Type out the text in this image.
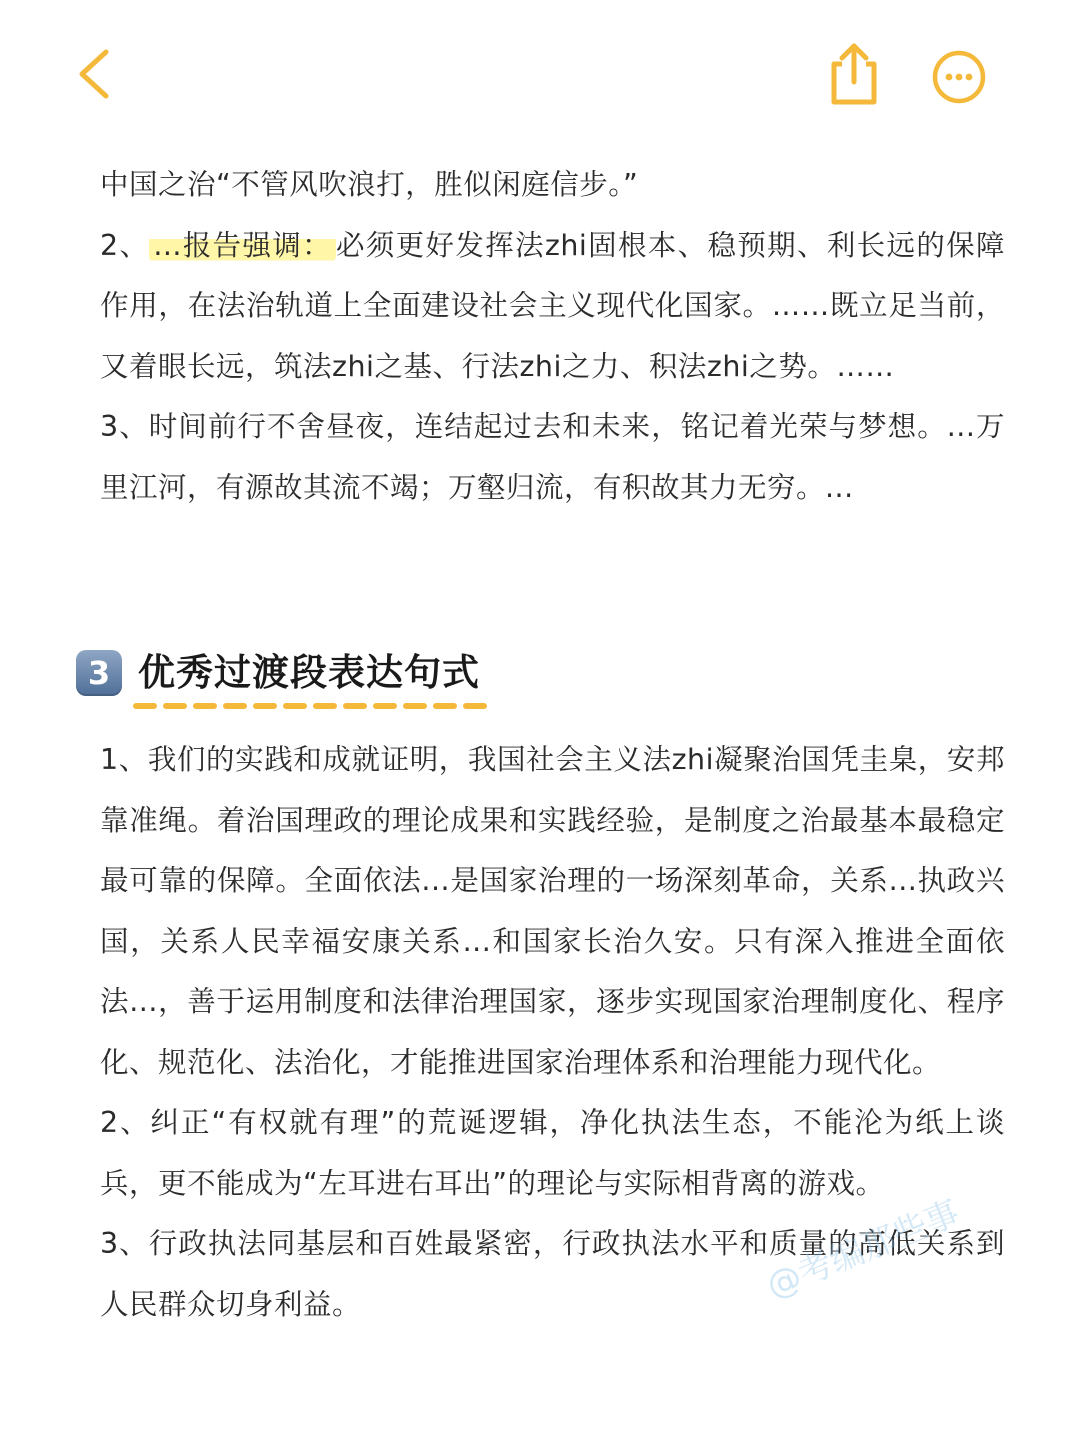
中国之治“不管风吹浪打，胜似闲庭信步。”

2、 ...报告强调： 必须更好发挥法zhi固根本、稳预期、利长远的保障作用，在法治轨道上全面建设社会主义现代化国家。……既立足当前，又着眼长远，筑法zhi之基、行法zhi之力、积法zhi之势。……

3、时间前行不舍昼夜，连结起过去和未来，铭记着光荣与梦想。...万里江河，有源故其流不竭；万壑归流，有积故其力无穷。...

3 优秀过渡段表达句式

1、我们的实践和成就证明，我国社会主义法zhi凝聚治国凭圭臬，安邦靠准绳。着治国理政的理论成果和实践经验，是制度之治最基本最稳定最可靠的保障。全面依法...是国家治理的一场深刻革命，关系...执政兴国，关系人民幸福安康关系...和国家长治久安。只有深入推进全面依法...，善于运用制度和法律治理国家，逐步实现国家治理制度化、程序化、规范化、法治化，才能推进国家治理体系和治理能力现代化。

2、纠正“有权就有理”的荒诞逻辑，净化执法生态，不能沦为纸上谈兵，更不能成为“左耳进右耳出”的理论与实际相背离的游戏。

3、行政执法同基层和百姓最紧密，行政执法水平和质量的高低关系到人民群众切身利益。	@考编那些事
